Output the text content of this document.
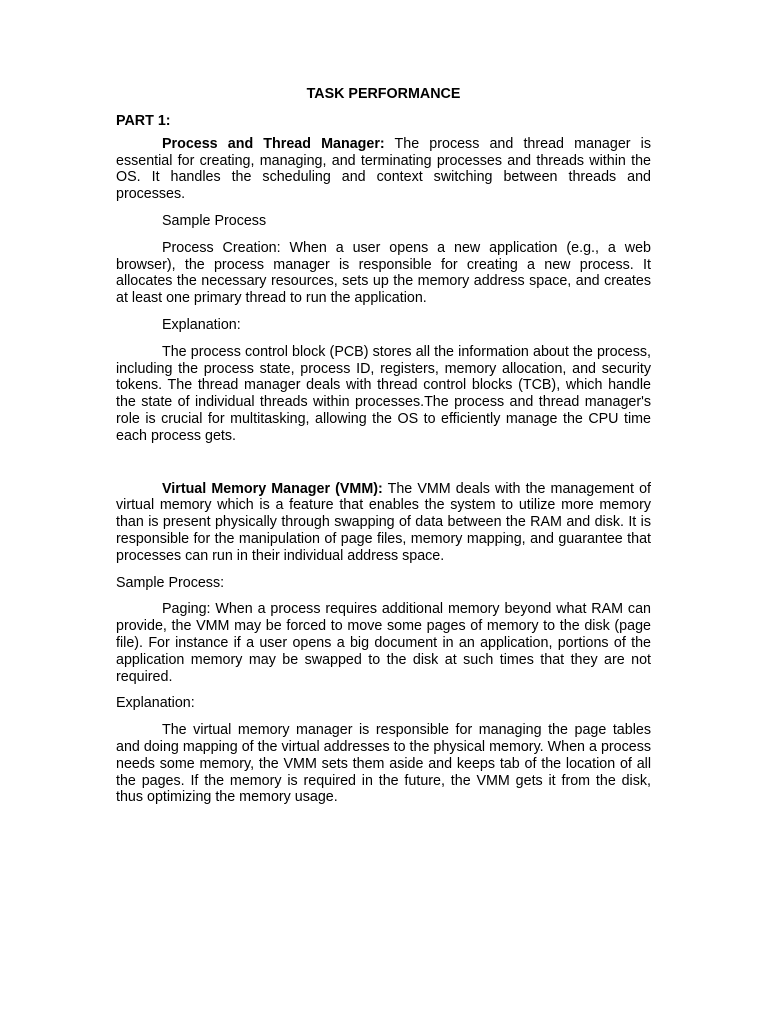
TASK PERFORMANCE
PART 1:

Process and Thread Manager: The process and thread manager is essential for creating, managing, and terminating processes and threads within the OS. It handles the scheduling and context switching between threads and processes.

Sample Process

Process Creation: When a user opens a new application (e.g., a web browser), the process manager is responsible for creating a new process. It allocates the necessary resources, sets up the memory address space, and creates at least one primary thread to run the application.

Explanation:

The process control block (PCB) stores all the information about the process, including the process state, process ID, registers, memory allocation, and security tokens. The thread manager deals with thread control blocks (TCB), which handle the state of individual threads within processes.The process and thread manager's role is crucial for multitasking, allowing the OS to efficiently manage the CPU time each process gets.

Virtual Memory Manager (VMM): The VMM deals with the management of virtual memory which is a feature that enables the system to utilize more memory than is present physically through swapping of data between the RAM and disk. It is responsible for the manipulation of page files, memory mapping, and guarantee that processes can run in their individual address space.

Sample Process:

Paging: When a process requires additional memory beyond what RAM can provide, the VMM may be forced to move some pages of memory to the disk (page file). For instance if a user opens a big document in an application, portions of the application memory may be swapped to the disk at such times that they are not required.

Explanation:

The virtual memory manager is responsible for managing the page tables and doing mapping of the virtual addresses to the physical memory. When a process needs some memory, the VMM sets them aside and keeps tab of the location of all the pages. If the memory is required in the future, the VMM gets it from the disk, thus optimizing the memory usage.
